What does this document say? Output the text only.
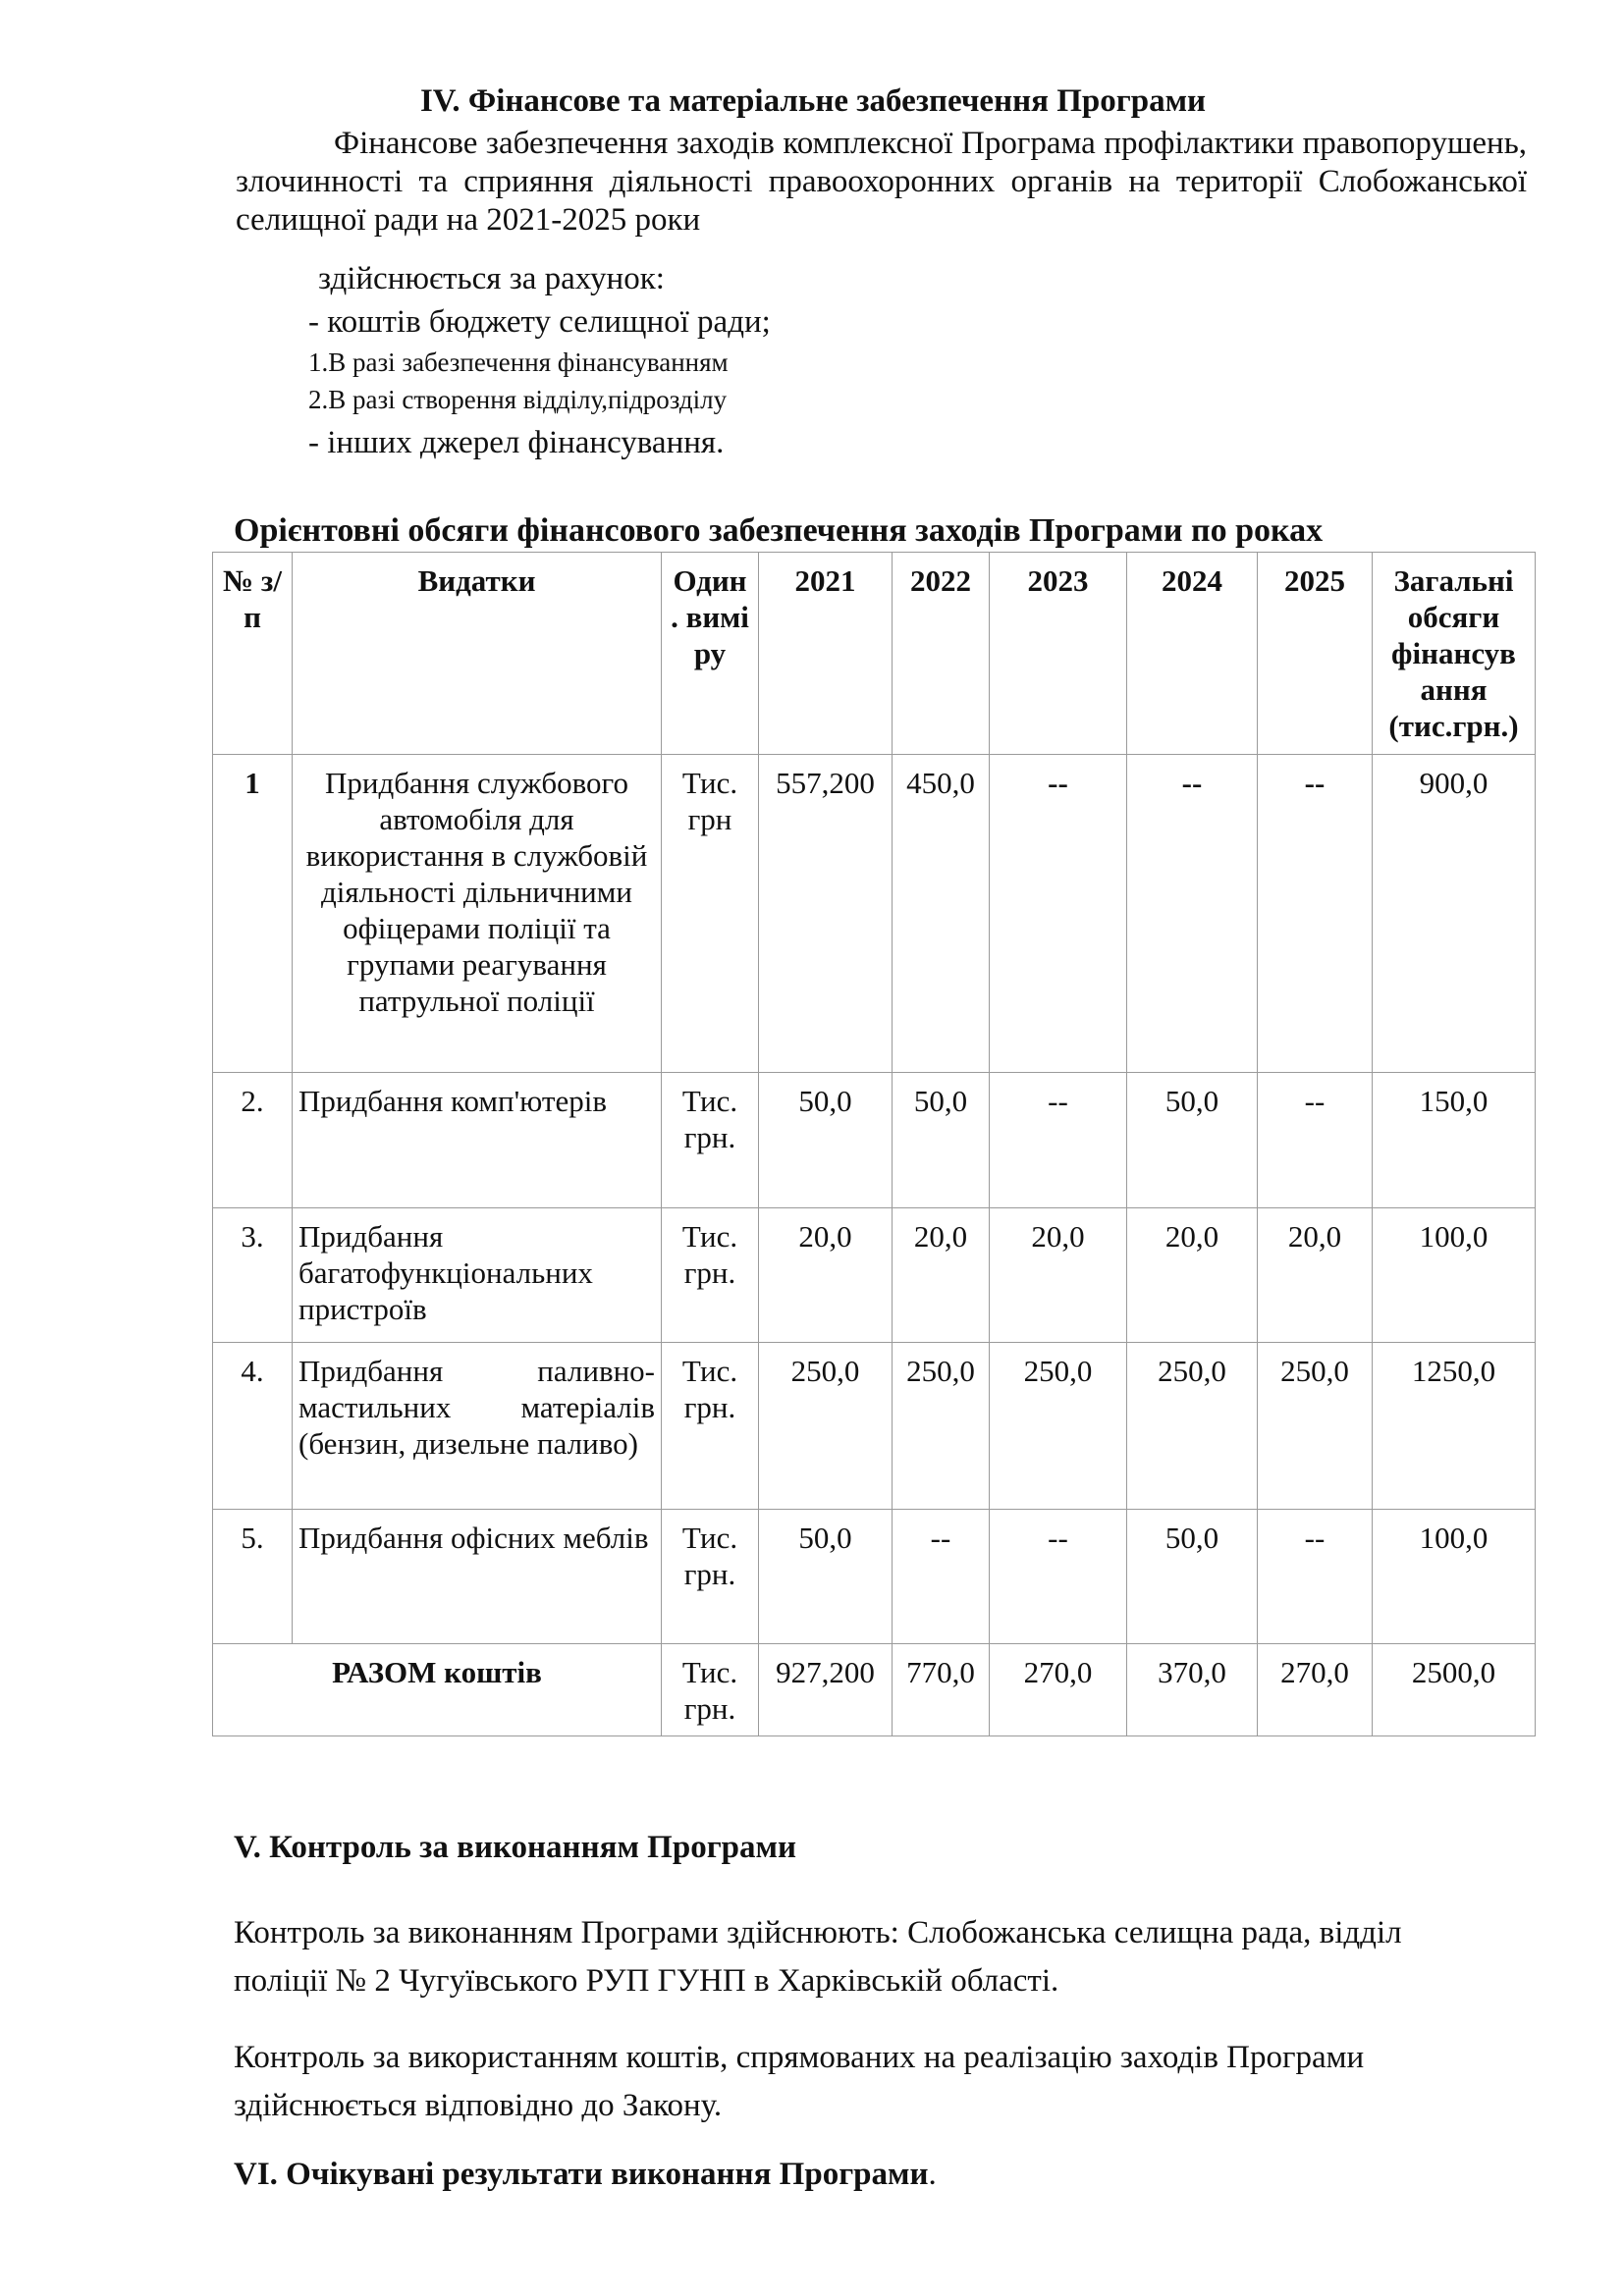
IV. Фінансове та матеріальне забезпечення Програми

Фінансове забезпечення заходів комплексної Програма профілактики правопорушень, злочинності та сприяння діяльності правоохоронних органів на території Слобожанської селищної ради на 2021-2025 роки

здійснюється за рахунок:

- коштів бюджету селищної ради;

1.В разі забезпечення фінансуванням

2.В разі створення відділу,підрозділу

- інших джерел фінансування.

Орієнтовні обсяги фінансового забезпечення заходів Програми по роках

№ з/п	Видатки	Один . вимі ру	2021	2022	2023	2024	2025	Загальні обсяги фінансув ання (тис.грн.)
1	Придбання службового автомобіля для використання в службовій діяльності дільничними офіцерами поліції та групами реагування патрульної поліції	Тис. грн	557,200	450,0	--	--	--	900,0
2.	Придбання комп'ютерів	Тис. грн.	50,0	50,0	--	50,0	--	150,0
3.	Придбання багатофункціональних пристроїв	Тис. грн.	20,0	20,0	20,0	20,0	20,0	100,0
4.	Придбання паливно-мастильних матеріалів (бензин, дизельне паливо)	Тис. грн.	250,0	250,0	250,0	250,0	250,0	1250,0
5.	Придбання офісних меблів	Тис. грн.	50,0	--	--	50,0	--	100,0
РАЗОМ коштів		Тис. грн.	927,200	770,0	270,0	370,0	270,0	2500,0
V. Контроль за виконанням Програми

Контроль за виконанням Програми здійснюють: Слобожанська селищна рада, відділ поліції № 2 Чугуївського РУП ГУНП в Харківській області.

Контроль за використанням коштів, спрямованих на реалізацію заходів Програми здійснюється відповідно до Закону.

VI. Очікувані результати виконання Програми.
